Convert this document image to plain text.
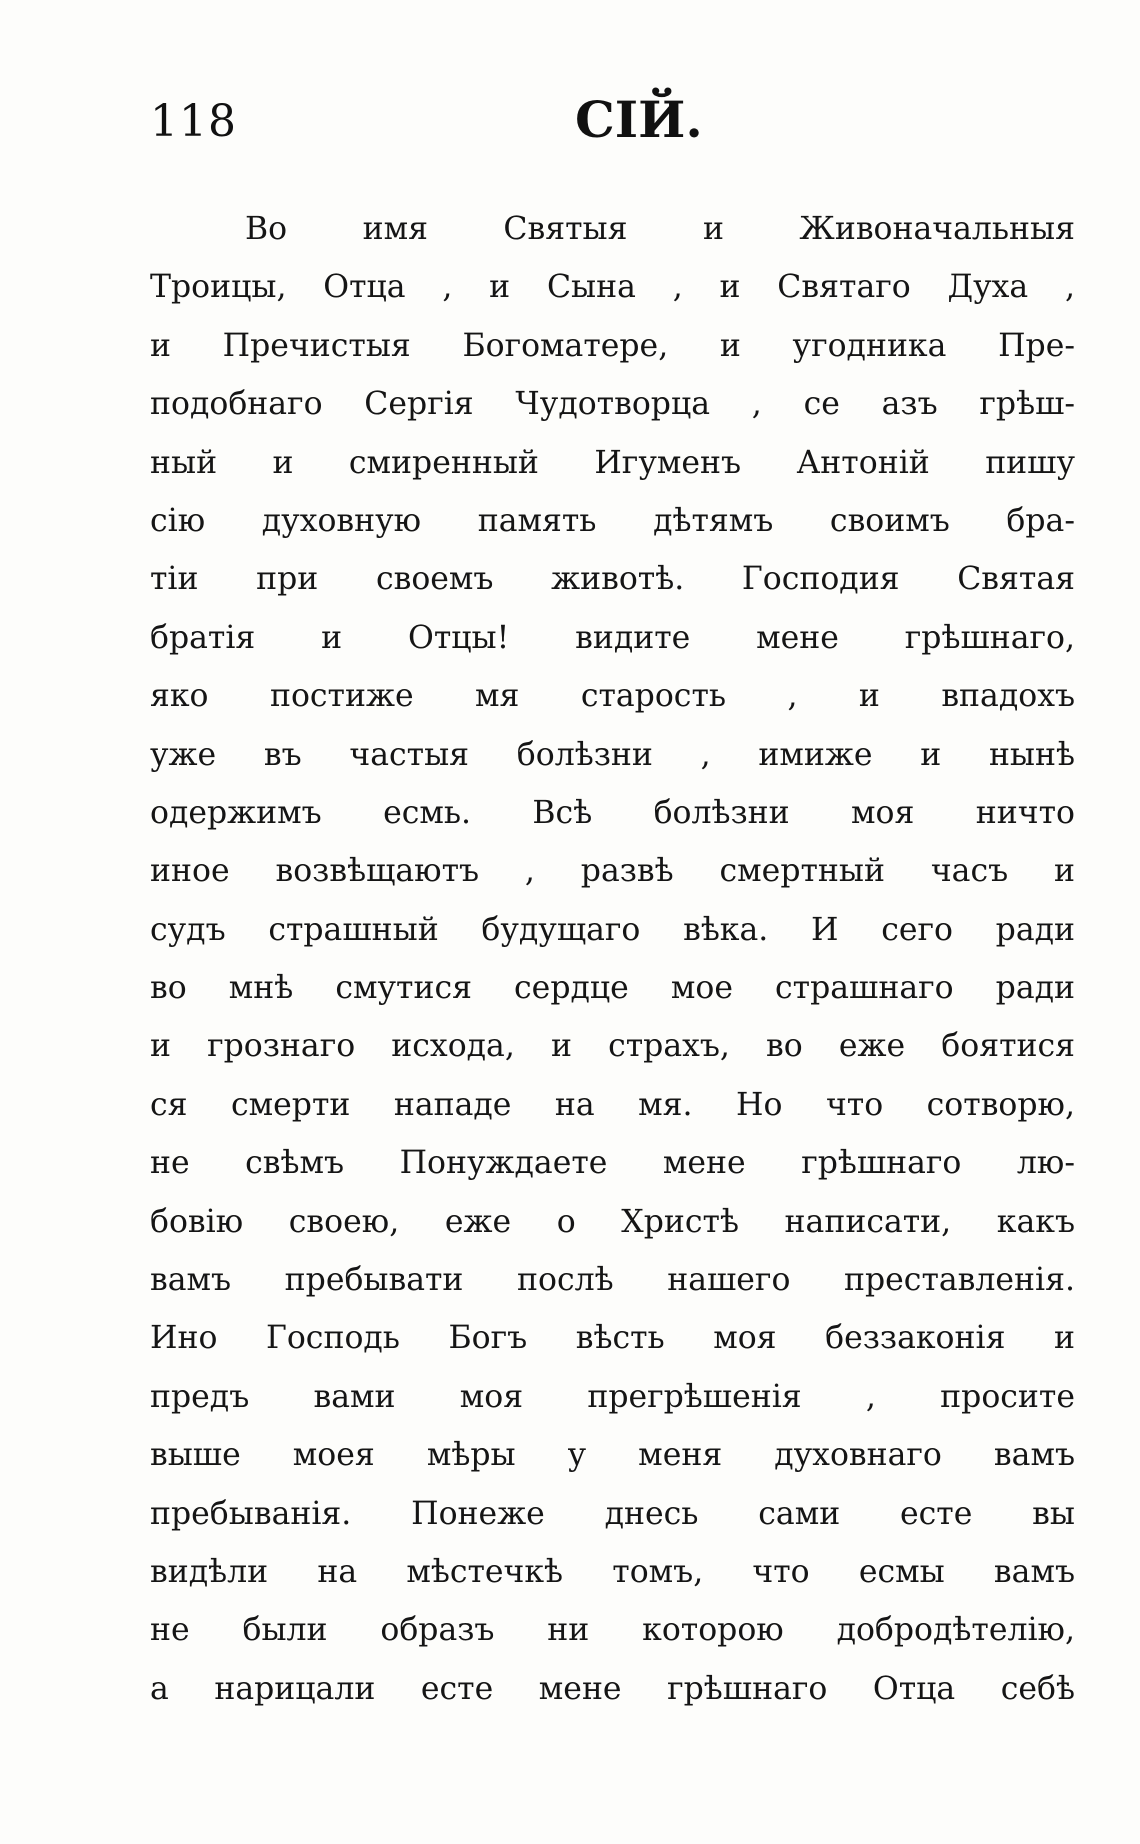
118	СІЙ.
Во имя Святыя и Живоначальныя
Троицы, Отца , и Сына , и Святаго Духа ,
и Пречистыя Богоматере, и угодника Пре-
подобнаго Сергія Чудотворца , се азъ грѣш-
ный и смиренный Игуменъ Антоній пишу
сію духовную память дѣтямъ своимъ бра-
тіи при своемъ животѣ. Господия Святая
братія и Отцы! видите мене грѣшнаго,
яко постиже мя старость , и впадохъ
уже въ частыя болѣзни , имиже и нынѣ
одержимъ есмь. Всѣ болѣзни моя ничто
иное возвѣщаютъ , развѣ смертный часъ и
судъ страшный будущаго вѣка. И сего ради
во мнѣ смутися сердце мое страшнаго ради
и грознаго исхода, и страхъ, во еже боятися
ся смерти нападе на мя. Но что сотворю,
не свѣмъ Понуждаете мене грѣшнаго лю-
бовію своею, еже о Христѣ написати, какъ
вамъ пребывати послѣ нашего преставленія.
Ино Господь Богъ вѣсть моя беззаконія и
предъ вами моя прегрѣшенія , просите
выше моея мѣры у меня духовнаго вамъ
пребыванія. Понеже днесь сами есте вы
видѣли на мѣстечкѣ томъ, что есмы вамъ
не были образъ ни которою добродѣтелію,
а нарицали есте мене грѣшнаго Отца себѣ
